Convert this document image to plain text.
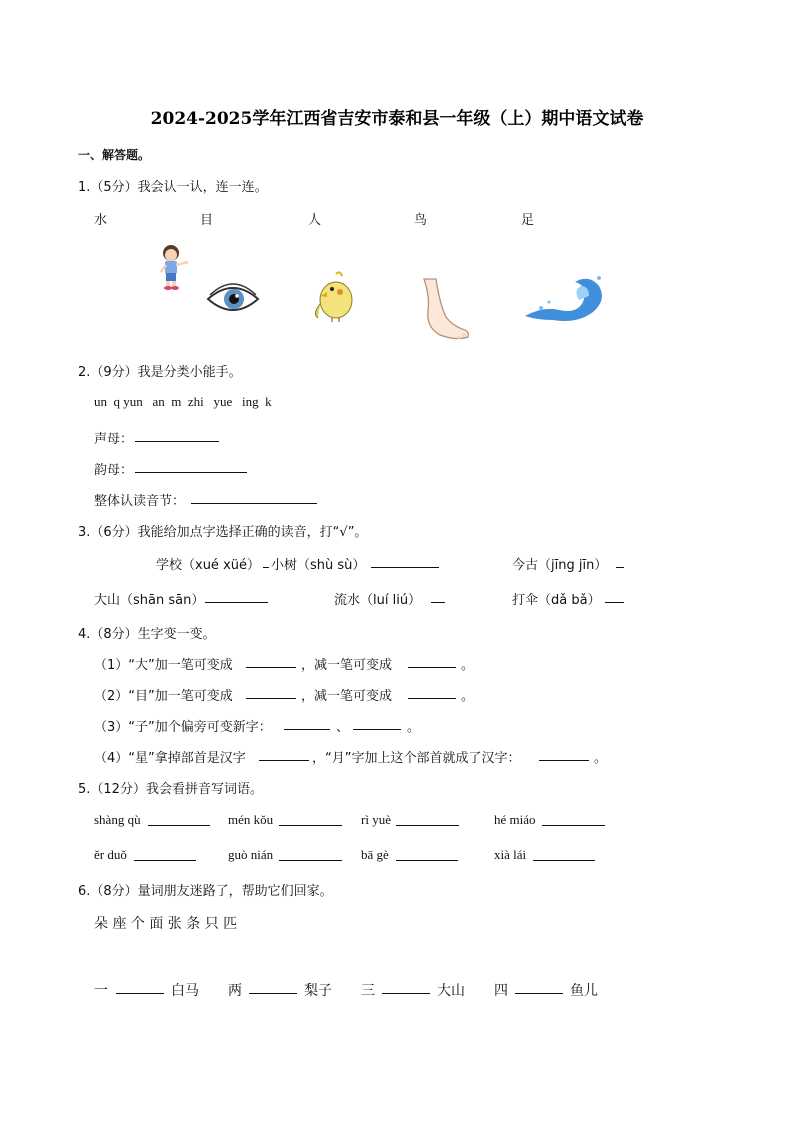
2024-2025学年江西省吉安市泰和县一年级（上）期中语文试卷
一、解答题。
1.（5分）我会认一认，连一连。
水	目	人	鸟	足
2.（9分）我是分类小能手。
un  q yun   an  m  zhi   yue   ing  k
声母：
韵母：
整体认读音节：
3.（6分）我能给加点字选择正确的读音，打“√”。
学校（xué xüé） 小树（shù sù）	今古（jīng jīn）
大山（shān sān）	流水（luí liú）	打伞（dǎ bǎ）
4.（8分）生字变一变。
（1）“大”加一笔可变成	，减一笔可变成	。
（2）“目”加一笔可变成	，减一笔可变成	。
（3）“子”加个偏旁可变新字：	、	。
（4）“星”拿掉部首是汉字	，“月”字加上这个部首就成了汉字：	。
5.（12分）我会看拼音写词语。
shàng qù	mén kǒu	rì yuè	hé miáo
ěr duǒ	guò nián	bā gè	xià lái
6.（8分）量词朋友迷路了，帮助它们回家。
朵 座 个 面 张 条 只 匹
一	白马 两	梨子 三	大山 四	鱼儿
